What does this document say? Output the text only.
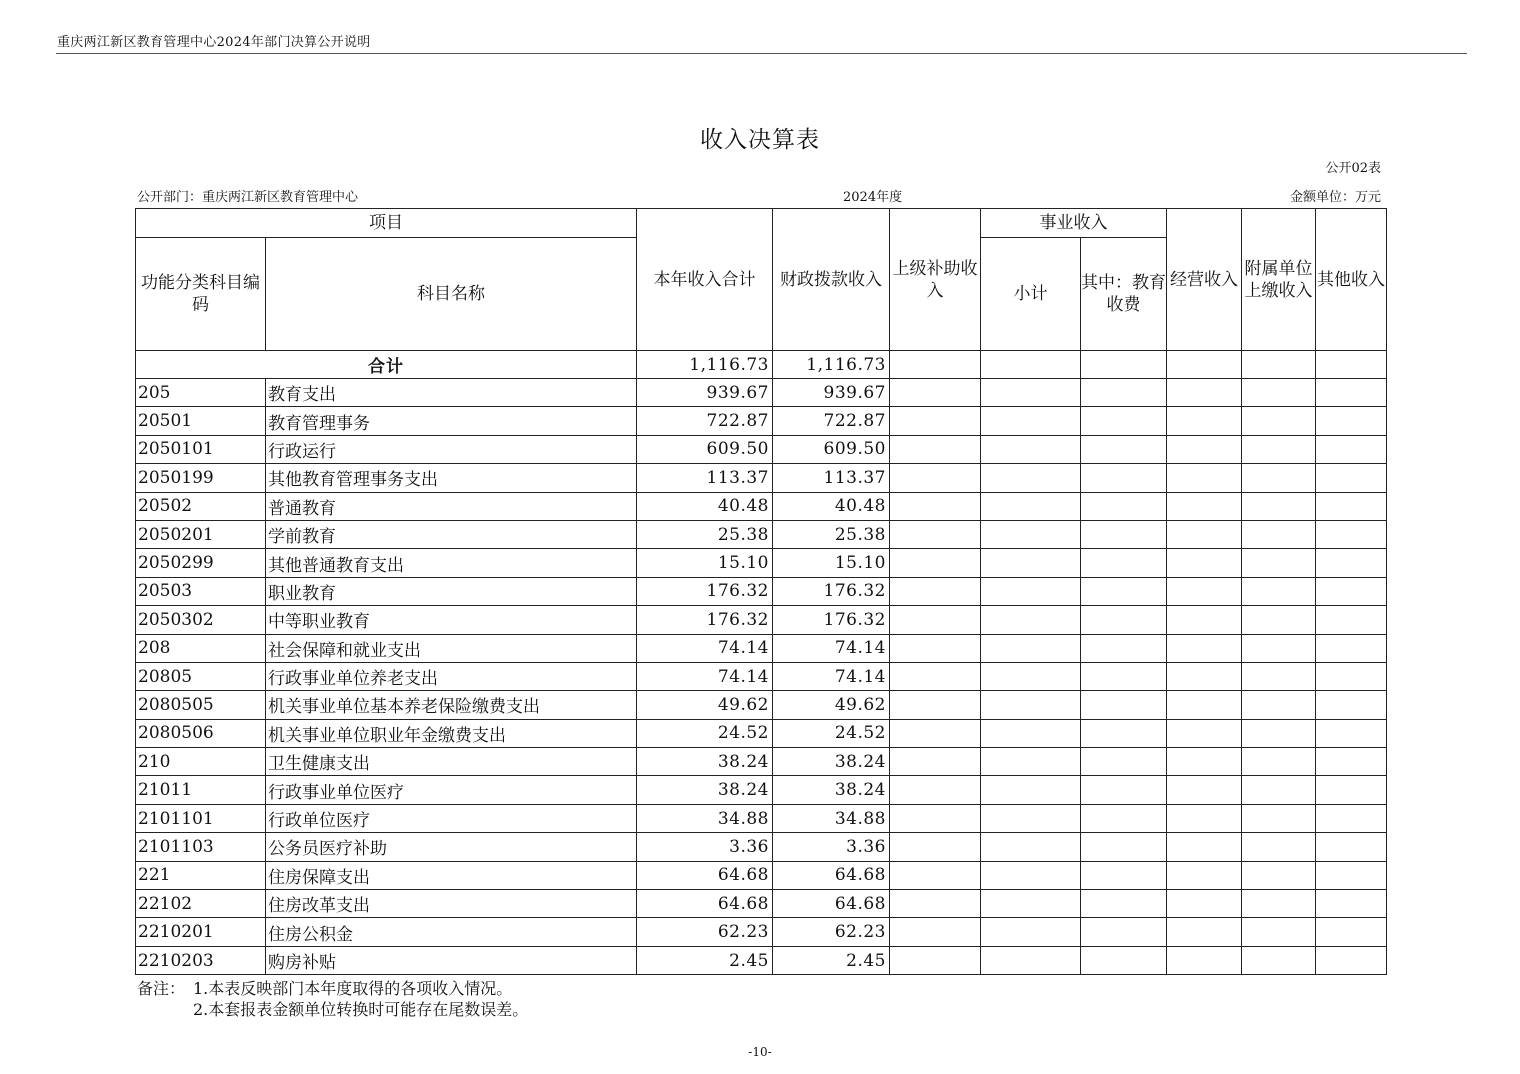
重庆两江新区教育管理中心2024年部门决算公开说明
收入决算表
公开02表
公开部门：重庆两江新区教育管理中心	2024年度	金额单位：万元
项目		本年收入合计	财政拨款收入	上级补助收入	事业收入		经营收入	附属单位上缴收入	其他收入
功能分类科目编码	科目名称				小计	其中：教育收费			
合计		1,116.73	1,116.73						
205	教育支出	939.67	939.67						
20501	教育管理事务	722.87	722.87						
2050101	行政运行	609.50	609.50						
2050199	其他教育管理事务支出	113.37	113.37						
20502	普通教育	40.48	40.48						
2050201	学前教育	25.38	25.38						
2050299	其他普通教育支出	15.10	15.10						
20503	职业教育	176.32	176.32						
2050302	中等职业教育	176.32	176.32						
208	社会保障和就业支出	74.14	74.14						
20805	行政事业单位养老支出	74.14	74.14						
2080505	机关事业单位基本养老保险缴费支出	49.62	49.62						
2080506	机关事业单位职业年金缴费支出	24.52	24.52						
210	卫生健康支出	38.24	38.24						
21011	行政事业单位医疗	38.24	38.24						
2101101	行政单位医疗	34.88	34.88						
2101103	公务员医疗补助	3.36	3.36						
221	住房保障支出	64.68	64.68						
22102	住房改革支出	64.68	64.68						
2210201	住房公积金	62.23	62.23						
2210203	购房补贴	2.45	2.45						
备注： 1.本表反映部门本年度取得的各项收入情况。
2.本套报表金额单位转换时可能存在尾数误差。
-10-
